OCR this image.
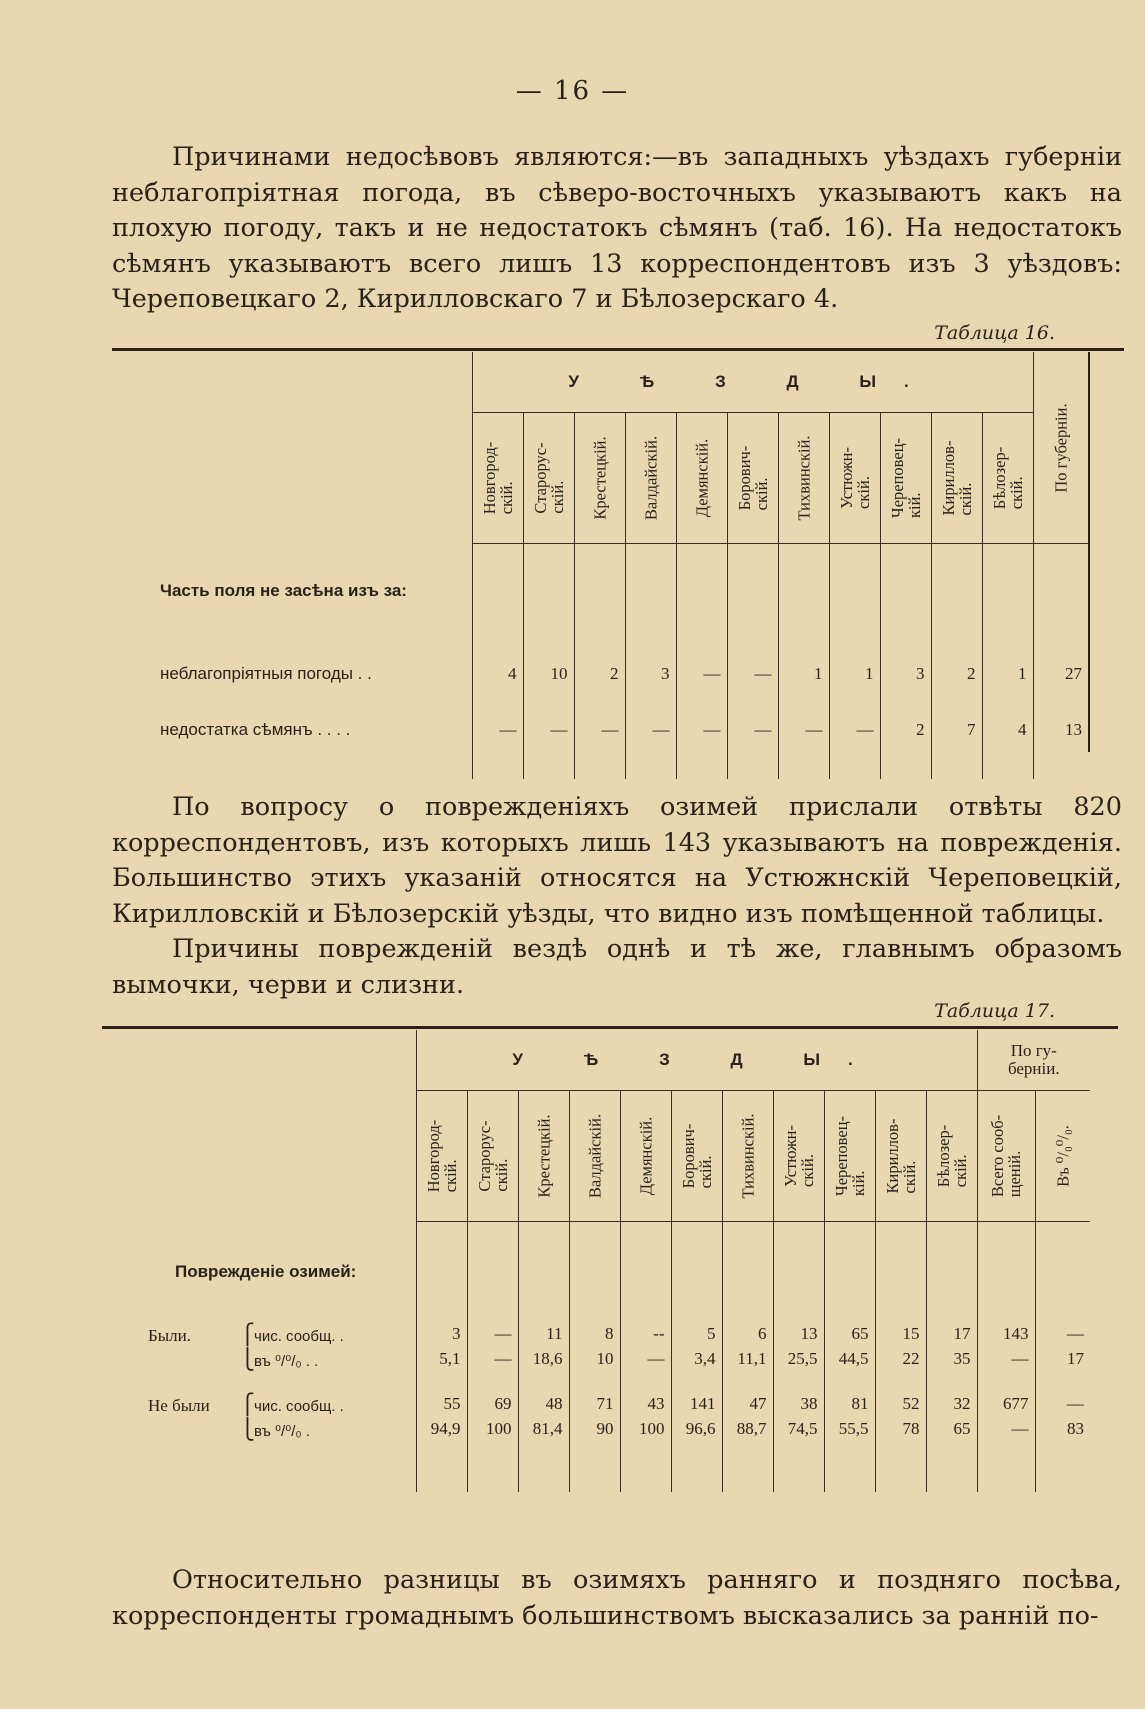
— 16 —

Причинами недосѣвовъ являются:—въ западныхъ уѣздахъ губерніи неблагопріятная погода, въ сѣверо-восточныхъ указываютъ какъ на плохую погоду, такъ и не недостатокъ сѣмянъ (таб. 16). На недостатокъ сѣмянъ указываютъ всего лишъ 13 корреспондентовъ изъ 3 уѣздовъ: Череповецкаго 2, Кирилловскаго 7 и Бѣлозерскаго 4.

Таблица 16.
	У Ѣ З Д Ы.											По губерніи.

	Новгород-
скій.	Старорус-
скій.	Крестецкій.	Валдайскій.	Демянскій.	Борович-
скій.	Тихвинскій.	Устюжн-
скій.	Череповец-
кій.	Кириллов-
скій.	Бѣлозер-
скій.	

Часть поля не засѣна изъ за:												
неблагопріятныя погоды . .	4	10	2	3	—	—	1	1	3	2	1	27
недостатка сѣмянъ . . . .	—	—	—	—	—	—	—	—	2	7	4	13

По вопросу о поврежденіяхъ озимей прислали отвѣты 820 корреспондентовъ, изъ которыхъ лишь 143 указываютъ на поврежденія. Большинство этихъ указаній относятся на Устюжнскій Череповецкій, Кирилловскій и Бѣлозерскій уѣзды, что видно изъ помѣщенной таблицы.

Причины поврежденій вездѣ однѣ и тѣ же, главнымъ образомъ вымочки, черви и слизни.

Таблица 17.
	У Ѣ З Д Ы.											По гу-
берніи.	

	Новгород-
скій.	Старорус-
скій.	Крестецкій.	Валдайскій.	Демянскій.	Борович-
скій.	Тихвинскій.	Устюжн-
скій.	Череповец-
кій.	Кириллов-
скій.	Бѣлозер-
скій.	Всего сооб-
щеній.	Въ ⁰/₀⁰/₀.

Поврежденіе озимей:													
Были. ⎧чис. сообщ. .	3	—	11	8	--	5	6	13	65	15	17	143	—
⎩въ ⁰/⁰/₀ . .	5,1	—	18,6	10	—	3,4	11,1	25,5	44,5	22	35	—	17
Не были ⎧чис. сообщ. .	55	69	48	71	43	141	47	38	81	52	32	677	—
⎩въ ⁰/⁰/₀ .	94,9	100	81,4	90	100	96,6	88,7	74,5	55,5	78	65	—	83

Относительно разницы въ озимяхъ ранняго и поздняго посѣва, корреспонденты громаднымъ большинствомъ высказались за ранній по-
